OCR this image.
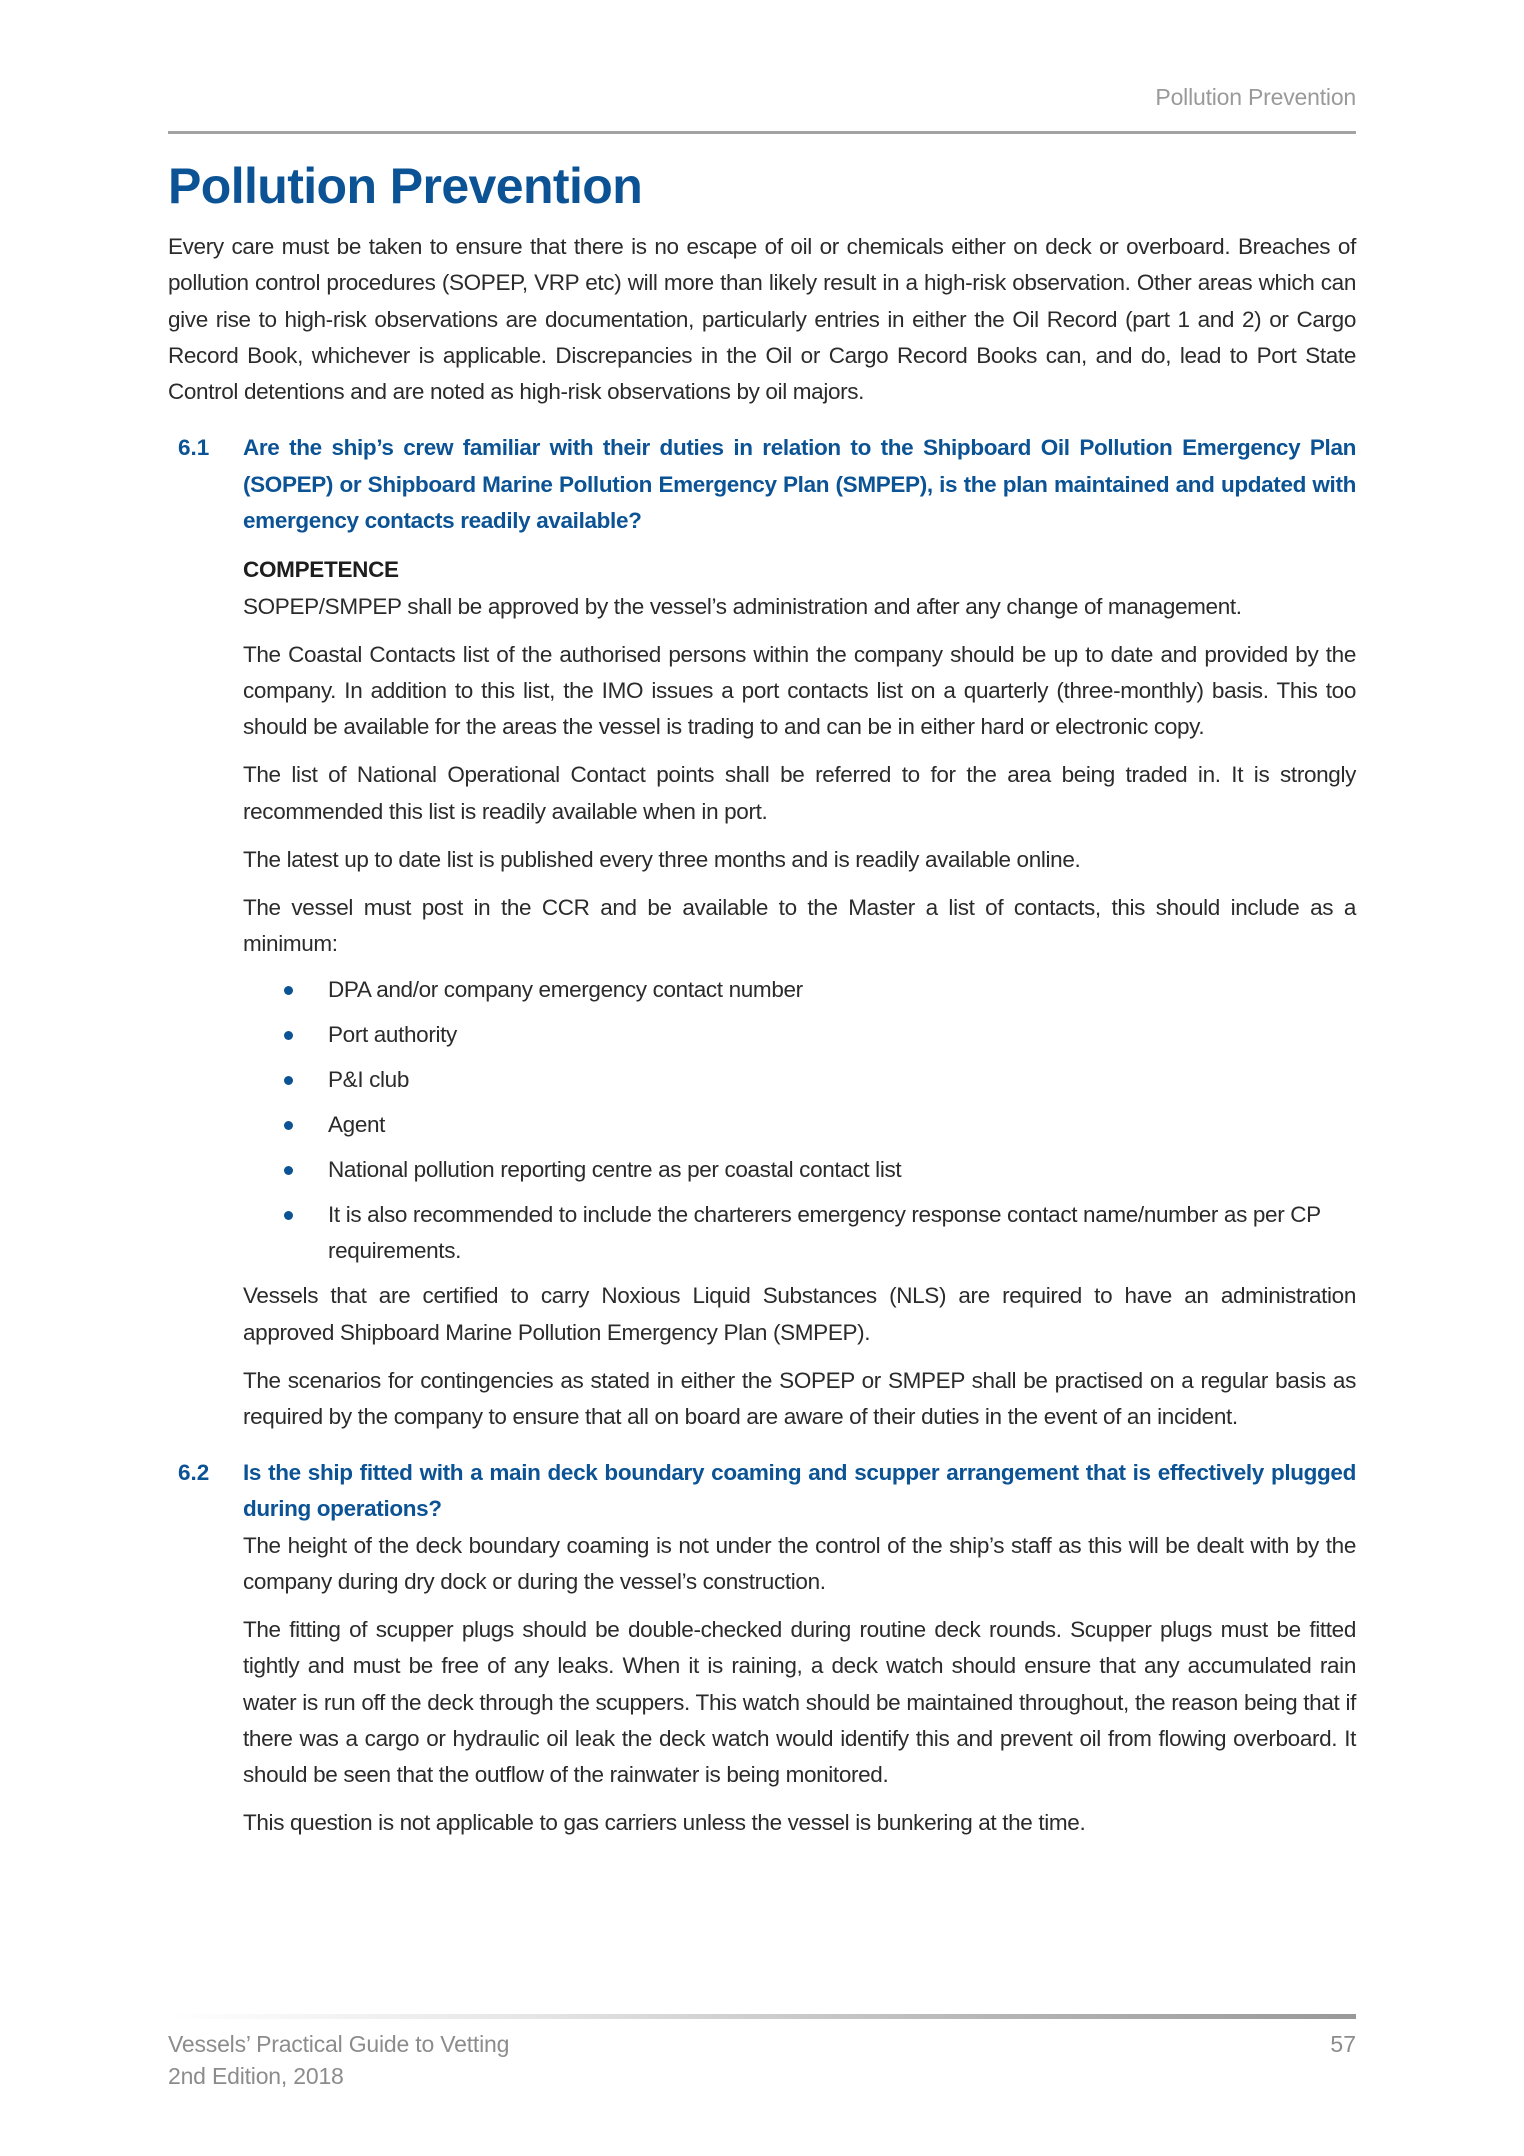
Pollution Prevention
Pollution Prevention

Every care must be taken to ensure that there is no escape of oil or chemicals either on deck or overboard. Breaches of pollution control procedures (SOPEP, VRP etc) will more than likely result in a high-risk observation. Other areas which can give rise to high-risk observations are documentation, particularly entries in either the Oil Record (part 1 and 2) or Cargo Record Book, whichever is applicable. Discrepancies in the Oil or Cargo Record Books can, and do, lead to Port State Control detentions and are noted as high-risk observations by oil majors.

6.1	Are the ship’s crew familiar with their duties in relation to the Shipboard Oil Pollution Emergency Plan (SOPEP) or Shipboard Marine Pollution Emergency Plan (SMPEP), is the plan maintained and updated with emergency contacts readily available?
COMPETENCE

SOPEP/SMPEP shall be approved by the vessel’s administration and after any change of management.

The Coastal Contacts list of the authorised persons within the company should be up to date and provided by the company. In addition to this list, the IMO issues a port contacts list on a quarterly (three-monthly) basis. This too should be available for the areas the vessel is trading to and can be in either hard or electronic copy.

The list of National Operational Contact points shall be referred to for the area being traded in. It is strongly recommended this list is readily available when in port.

The latest up to date list is published every three months and is readily available online.

The vessel must post in the CCR and be available to the Master a list of contacts, this should include as a minimum:

DPA and/or company emergency contact number
Port authority
P&I club
Agent
National pollution reporting centre as per coastal contact list
It is also recommended to include the charterers emergency response contact name/number as per CP requirements.

Vessels that are certified to carry Noxious Liquid Substances (NLS) are required to have an administration approved Shipboard Marine Pollution Emergency Plan (SMPEP).

The scenarios for contingencies as stated in either the SOPEP or SMPEP shall be practised on a regular basis as required by the company to ensure that all on board are aware of their duties in the event of an incident.

6.2	Is the ship fitted with a main deck boundary coaming and scupper arrangement that is effectively plugged during operations?

The height of the deck boundary coaming is not under the control of the ship’s staff as this will be dealt with by the company during dry dock or during the vessel’s construction.

The fitting of scupper plugs should be double-checked during routine deck rounds. Scupper plugs must be fitted tightly and must be free of any leaks. When it is raining, a deck watch should ensure that any accumulated rain water is run off the deck through the scuppers. This watch should be maintained throughout, the reason being that if there was a cargo or hydraulic oil leak the deck watch would identify this and prevent oil from flowing overboard. It should be seen that the outflow of the rainwater is being monitored.

This question is not applicable to gas carriers unless the vessel is bunkering at the time.

Vessels’ Practical Guide to Vetting
2nd Edition, 2018
57
